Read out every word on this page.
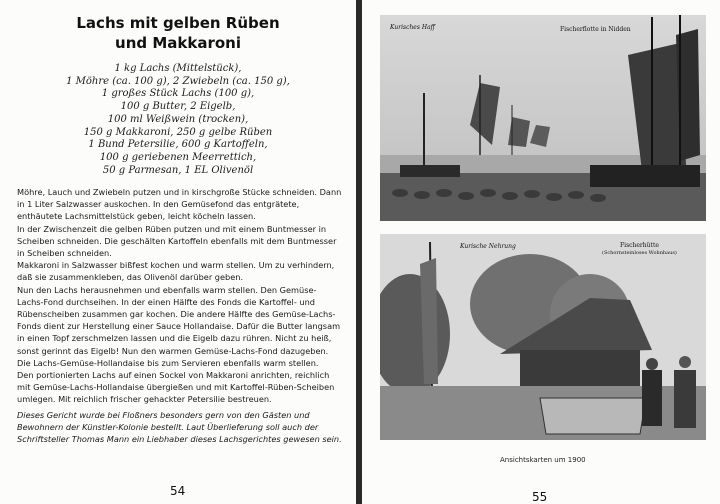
Lachs mit gelben Rüben
und Makkaroni
1 kg Lachs (Mittelstück),
1 Möhre (ca. 100 g), 2 Zwiebeln (ca. 150 g),
1 großes Stück Lachs (100 g),
100 g Butter, 2 Eigelb,
100 ml Weißwein (trocken),
150 g Makkaroni, 250 g gelbe Rüben
1 Bund Petersilie, 600 g Kartoffeln,
100 g geriebenen Meerrettich,
50 g Parmesan, 1 EL Olivenöl

Möhre, Lauch und Zwiebeln putzen und in kirschgroße Stücke schneiden. Dann in 1 Liter Salzwasser auskochen. In den Gemüsefond das entgrätete, enthäutete Lachsmittelstück geben, leicht köcheln lassen.

In der Zwischenzeit die gelben Rüben putzen und mit einem Buntmesser in Scheiben schneiden. Die geschälten Kartoffeln ebenfalls mit dem Buntmesser in Scheiben schneiden.

Makkaroni in Salzwasser bißfest kochen und warm stellen. Um zu verhindern, daß sie zusammenkleben, das Olivenöl darüber geben.

Nun den Lachs herausnehmen und ebenfalls warm stellen. Den Gemüse-Lachs-Fond durchseihen. In der einen Hälfte des Fonds die Kartoffel- und Rübenscheiben zusammen gar kochen. Die andere Hälfte des Gemüse-Lachs-Fonds dient zur Herstellung einer Sauce Hollandaise. Dafür die Butter langsam in einen Topf zerschmelzen lassen und die Eigelb dazu rühren. Nicht zu heiß, sonst gerinnt das Eigelb! Nun den warmen Gemüse-Lachs-Fond dazugeben. Die Lachs-Gemüse-Hollandaise bis zum Servieren ebenfalls warm stellen.

Den portionierten Lachs auf einen Sockel von Makkaroni anrichten, reichlich mit Gemüse-Lachs-Hollandaise übergießen und mit Kartoffel-Rüben-Scheiben umlegen. Mit reichlich frischer gehackter Petersilie bestreuen.

Dieses Gericht wurde bei Floßners besonders gern von den Gästen und Bewohnern der Künstler-Kolonie bestellt. Laut Überlieferung soll auch der Schriftsteller Thomas Mann ein Liebhaber dieses Lachsgerichtes gewesen sein.
54
Kurisches Haff	Fischerflotte in Nidden
Kurische Nehrung	Fischerhütte
(Schornsteinloses Wohnhaus)
Ansichtskarten um 1900
55
